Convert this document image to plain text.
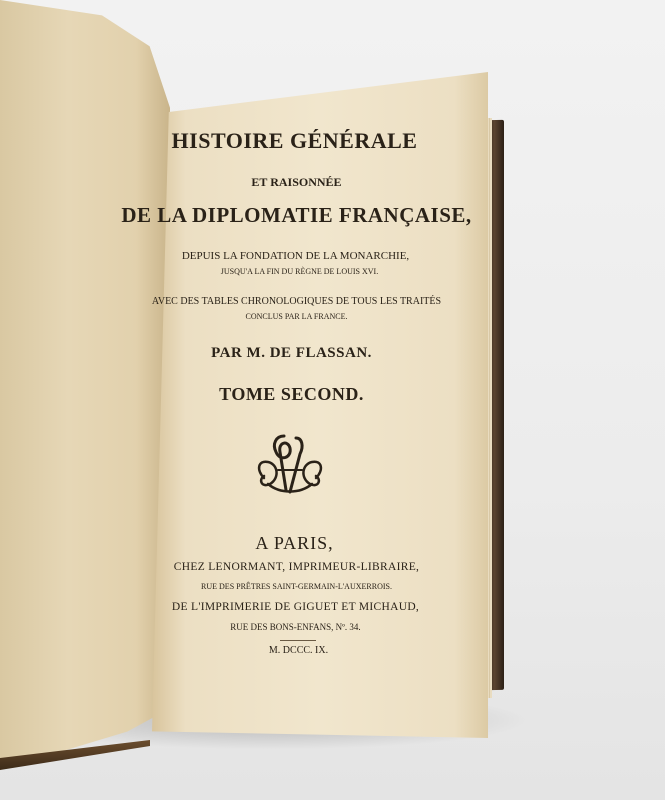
HISTOIRE GÉNÉRALE
ET RAISONNÉE
DE LA DIPLOMATIE FRANÇAISE,
DEPUIS LA FONDATION DE LA MONARCHIE,
JUSQU'A LA FIN DU RÈGNE DE LOUIS XVI.
AVEC DES TABLES CHRONOLOGIQUES DE TOUS LES TRAITÉS
CONCLUS PAR LA FRANCE.
PAR M. DE FLASSAN.
TOME SECOND.
A PARIS,
CHEZ LENORMANT, IMPRIMEUR-LIBRAIRE,
RUE DES PRÊTRES SAINT-GERMAIN-L'AUXERROIS.
DE L'IMPRIMERIE DE GIGUET ET MICHAUD,
RUE DES BONS-ENFANS, Nº. 34.
M. DCCC. IX.
